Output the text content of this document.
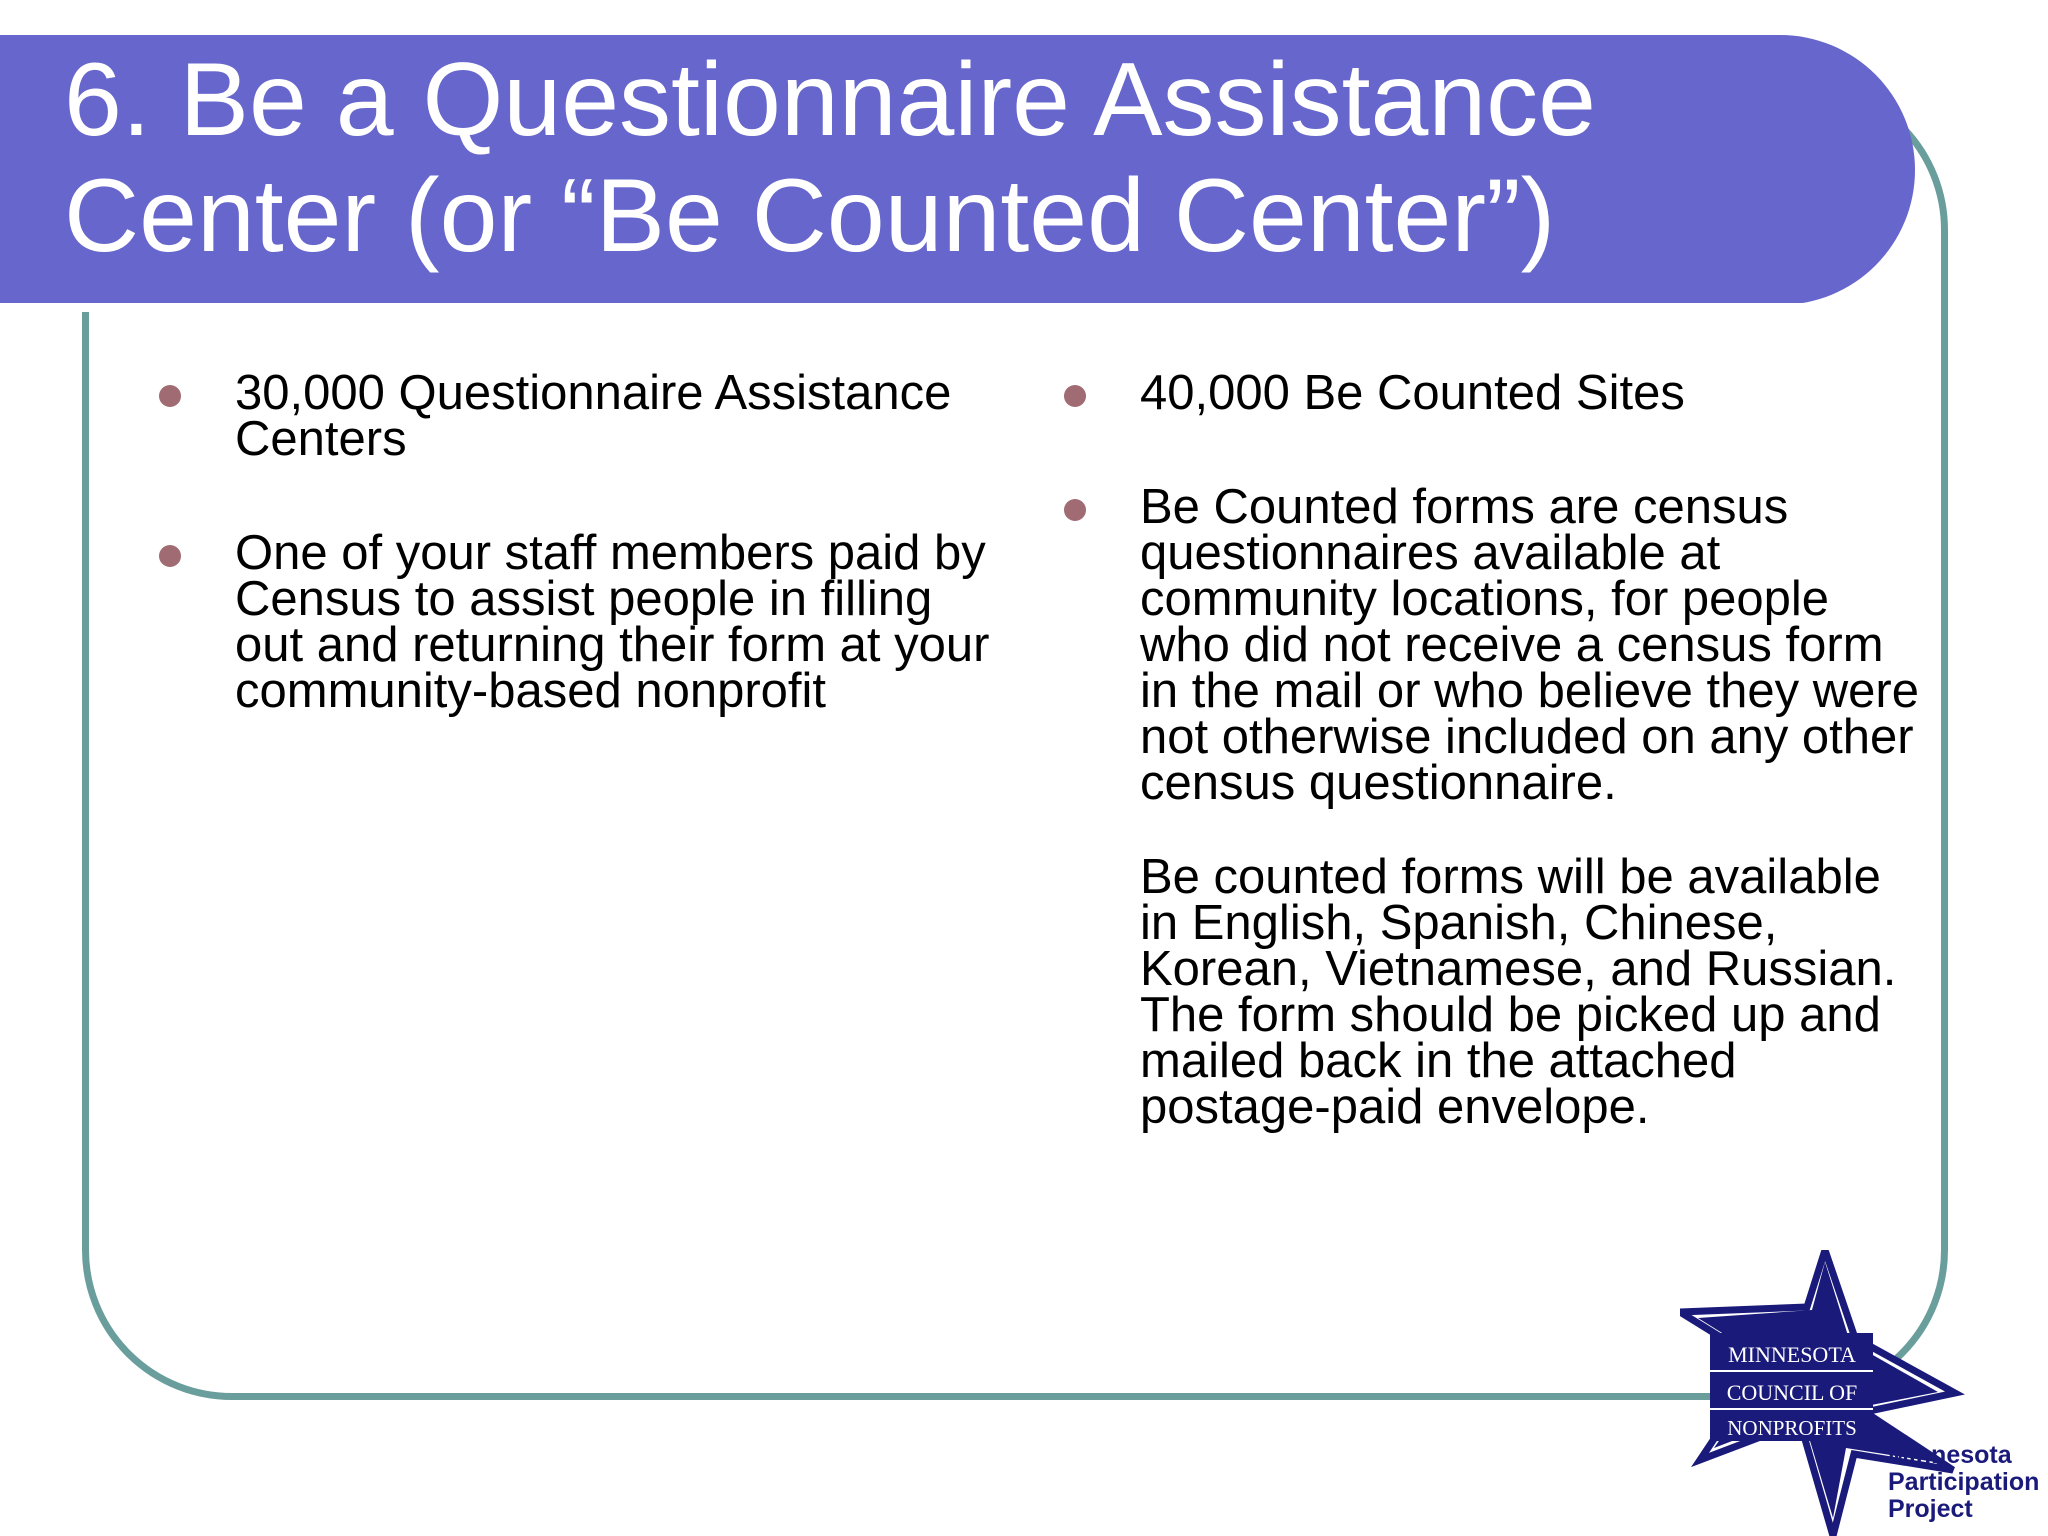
6. Be a Questionnaire Assistance
Center (or “Be Counted Center”)
30,000 Questionnaire Assistance Centers
One of your staff members paid by Census to assist people in filling out and returning their form at your community-based nonprofit
40,000 Be Counted Sites
Be Counted forms are census questionnaires available at community locations, for people who did not receive a census form in the mail or who believe they were not otherwise included on any other census questionnaire.
Be counted forms will be available in English, Spanish, Chinese, Korean, Vietnamese, and Russian. The form should be picked up and mailed back in the attached postage-paid envelope.
MINNESOTA
COUNCIL OF
NONPROFITS
Minnesota
Participation
Project
